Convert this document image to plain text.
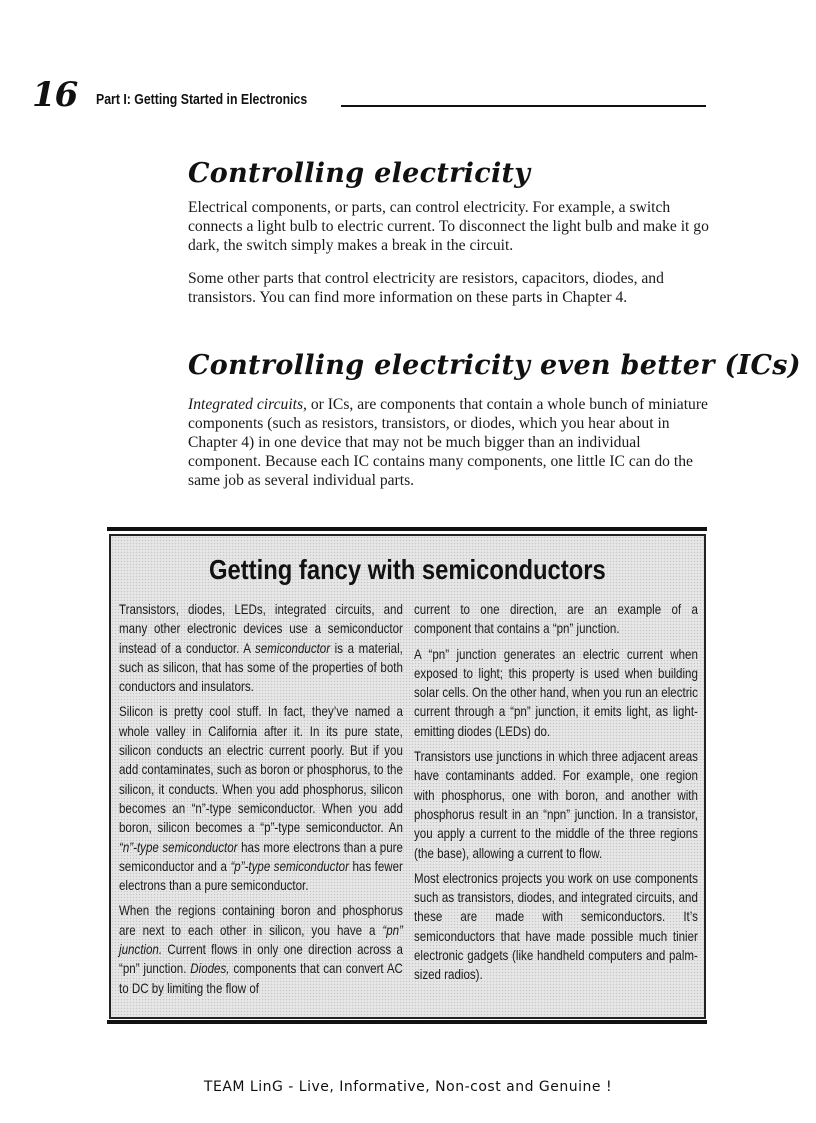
16 Part I: Getting Started in Electronics
Controlling electricity

Electrical components, or parts, can control electricity. For example, a switch connects a light bulb to electric current. To disconnect the light bulb and make it go dark, the switch simply makes a break in the circuit.

Some other parts that control electricity are resistors, capacitors, diodes, and transistors. You can find more information on these parts in Chapter 4.

Controlling electricity even better (ICs)

Integrated circuits, or ICs, are components that contain a whole bunch of miniature components (such as resistors, transistors, or diodes, which you hear about in Chapter 4) in one device that may not be much bigger than an individual component. Because each IC contains many components, one little IC can do the same job as several individual parts.

Getting fancy with semiconductors

Transistors, diodes, LEDs, integrated circuits, and many other electronic devices use a semiconductor instead of a conductor. A semiconductor is a material, such as silicon, that has some of the properties of both conductors and insulators.

Silicon is pretty cool stuff. In fact, they’ve named a whole valley in California after it. In its pure state, silicon conducts an electric current poorly. But if you add contaminates, such as boron or phosphorus, to the silicon, it conducts. When you add phosphorus, silicon becomes an “n”-type semiconductor. When you add boron, silicon becomes a “p”-type semiconductor. An “n”-type semiconductor has more electrons than a pure semiconductor and a “p”-type semiconductor has fewer electrons than a pure semiconductor.

When the regions containing boron and phosphorus are next to each other in silicon, you have a “pn” junction. Current flows in only one direction across a “pn” junction. Diodes, components that can convert AC to DC by limiting the flow of

current to one direction, are an example of a component that contains a “pn” junction.

A “pn” junction generates an electric current when exposed to light; this property is used when building solar cells. On the other hand, when you run an electric current through a “pn” junction, it emits light, as light-emitting diodes (LEDs) do.

Transistors use junctions in which three adjacent areas have contaminants added. For example, one region with phosphorus, one with boron, and another with phosphorus result in an “npn” junction. In a transistor, you apply a current to the middle of the three regions (the base), allowing a current to flow.

Most electronics projects you work on use components such as transistors, diodes, and integrated circuits, and these are made with semiconductors. It’s semiconductors that have made possible much tinier electronic gadgets (like handheld computers and palm-sized radios).

TEAM LinG - Live, Informative, Non-cost and Genuine !
